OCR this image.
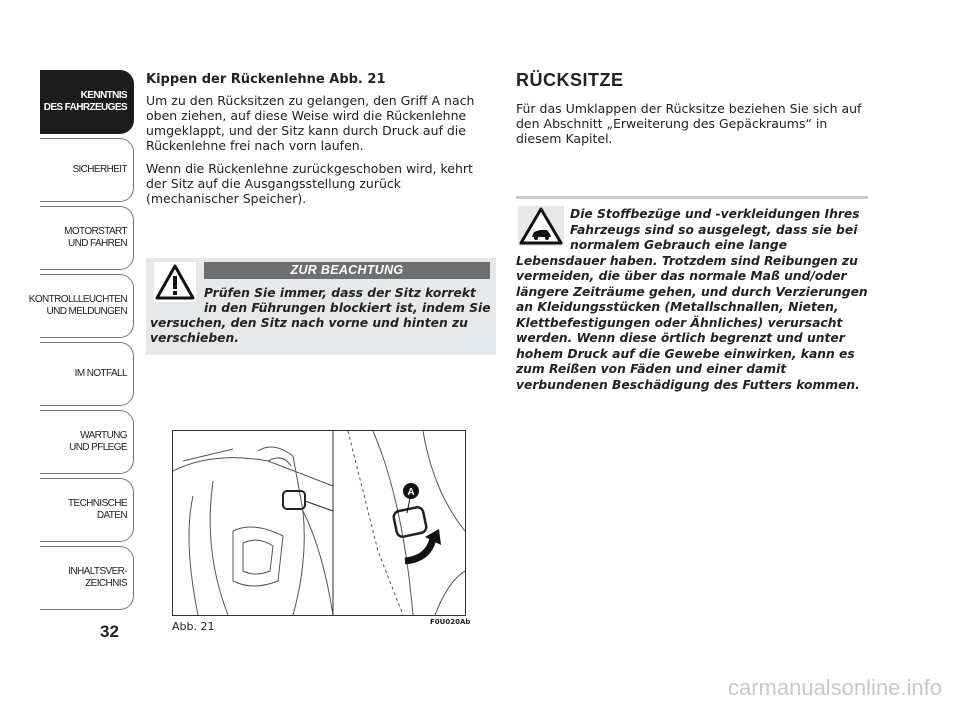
KENNTNIS
DES FAHRZEUGES
SICHERHEIT
MOTORSTART
UND FAHREN
KONTROLLLEUCHTEN
UND MELDUNGEN
IM NOTFALL
WARTUNG
UND PFLEGE
TECHNISCHE
DATEN
INHALTSVER-
ZEICHNIS
32
Kippen der Rückenlehne Abb. 21

Um zu den Rücksitzen zu gelangen, den Griff A nach oben ziehen, auf diese Weise wird die Rückenlehne umgeklappt, und der Sitz kann durch Druck auf die Rückenlehne frei nach vorn laufen.

Wenn die Rückenlehne zurückgeschoben wird, kehrt der Sitz auf die Ausgangsstellung zurück (mechanischer Speicher).

ZUR BEACHTUNG
Prüfen Sie immer, dass der Sitz korrekt in den Führungen blockiert ist, indem Sie
versuchen, den Sitz nach vorne und hinten zu verschieben.
A
Abb. 21	F0U020Ab
RÜCKSITZE

Für das Umklappen der Rücksitze beziehen Sie sich auf den Abschnitt „Erweiterung des Gepäckraums“ in diesem Kapitel.

Die Stoffbezüge und -verkleidungen Ihres Fahrzeugs sind so ausgelegt, dass sie bei normalem Gebrauch eine lange
Lebensdauer haben. Trotzdem sind Reibungen zu vermeiden, die über das normale Maß und/oder längere Zeiträume gehen, und durch Verzierungen an Kleidungsstücken (Metallschnallen, Nieten, Klettbefestigungen oder Ähnliches) verursacht werden. Wenn diese örtlich begrenzt und unter hohem Druck auf die Gewebe einwirken, kann es zum Reißen von Fäden und einer damit verbundenen Beschädigung des Futters kommen.
carmanualsonline.info
